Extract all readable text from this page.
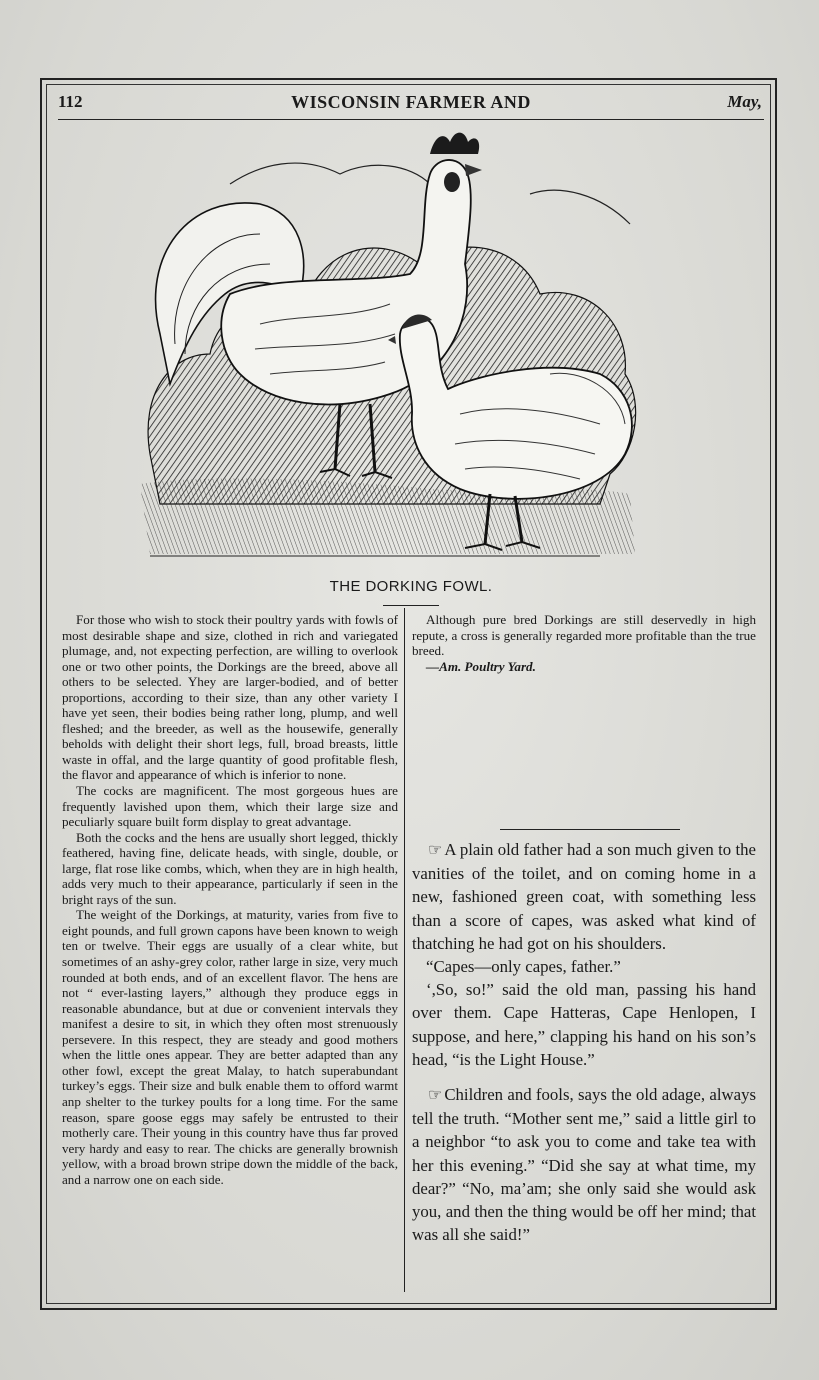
112	WISCONSIN FARMER AND	May,
THE DORKING FOWL.

For those who wish to stock their poultry yards with fowls of most desirable shape and size, clothed in rich and variegated plumage, and, not expecting perfection, are willing to overlook one or two other points, the Dorkings are the breed, above all others to be selected. Yhey are larger-bodied, and of better proportions, according to their size, than any other variety I have yet seen, their bodies being rather long, plump, and well fleshed; and the breeder, as well as the housewife, generally beholds with delight their short legs, full, broad breasts, little waste in offal, and the large quantity of good profitable flesh, the flavor and appearance of which is inferior to none.

The cocks are magnificent. The most gorgeous hues are frequently lavished upon them, which their large size and peculiarly square built form display to great advantage.

Both the cocks and the hens are usually short legged, thickly feathered, having fine, delicate heads, with single, double, or large, flat rose like combs, which, when they are in high health, adds very much to their appearance, particularly if seen in the bright rays of the sun.

The weight of the Dorkings, at maturity, varies from five to eight pounds, and full grown capons have been known to weigh ten or twelve. Their eggs are usually of a clear white, but sometimes of an ashy-grey color, rather large in size, very much rounded at both ends, and of an excellent flavor. The hens are not “ ever-lasting layers,” although they produce eggs in reasonable abundance, but at due or convenient intervals they manifest a desire to sit, in which they often most strenuously persevere. In this respect, they are steady and good mothers when the little ones appear. They are better adapted than any other fowl, except the great Malay, to hatch superabundant turkey’s eggs. Their size and bulk enable them to offord warmt anp shelter to the turkey poults for a long time. For the same reason, spare goose eggs may safely be entrusted to their motherly care. Their young in this country have thus far proved very hardy and easy to rear. The chicks are generally brownish yellow, with a broad brown stripe down the middle of the back, and a narrow one on each side.

Although pure bred Dorkings are still deservedly in high repute, a cross is generally regarded more profitable than the true breed.

—Am. Poultry Yard.

☞ A plain old father had a son much given to the vanities of the toilet, and on coming home in a new, fashioned green coat, with something less than a score of capes, was asked what kind of thatching he had got on his shoulders.

“Capes—only capes, father.”

‘,So, so!” said the old man, passing his hand over them. Cape Hatteras, Cape Henlopen, I suppose, and here,” clapping his hand on his son’s head, “is the Light House.”

☞ Children and fools, says the old adage, always tell the truth. “Mother sent me,” said a little girl to a neighbor “to ask you to come and take tea with her this evening.” “Did she say at what time, my dear?” “No, ma’am; she only said she would ask you, and then the thing would be off her mind; that was all she said!”
